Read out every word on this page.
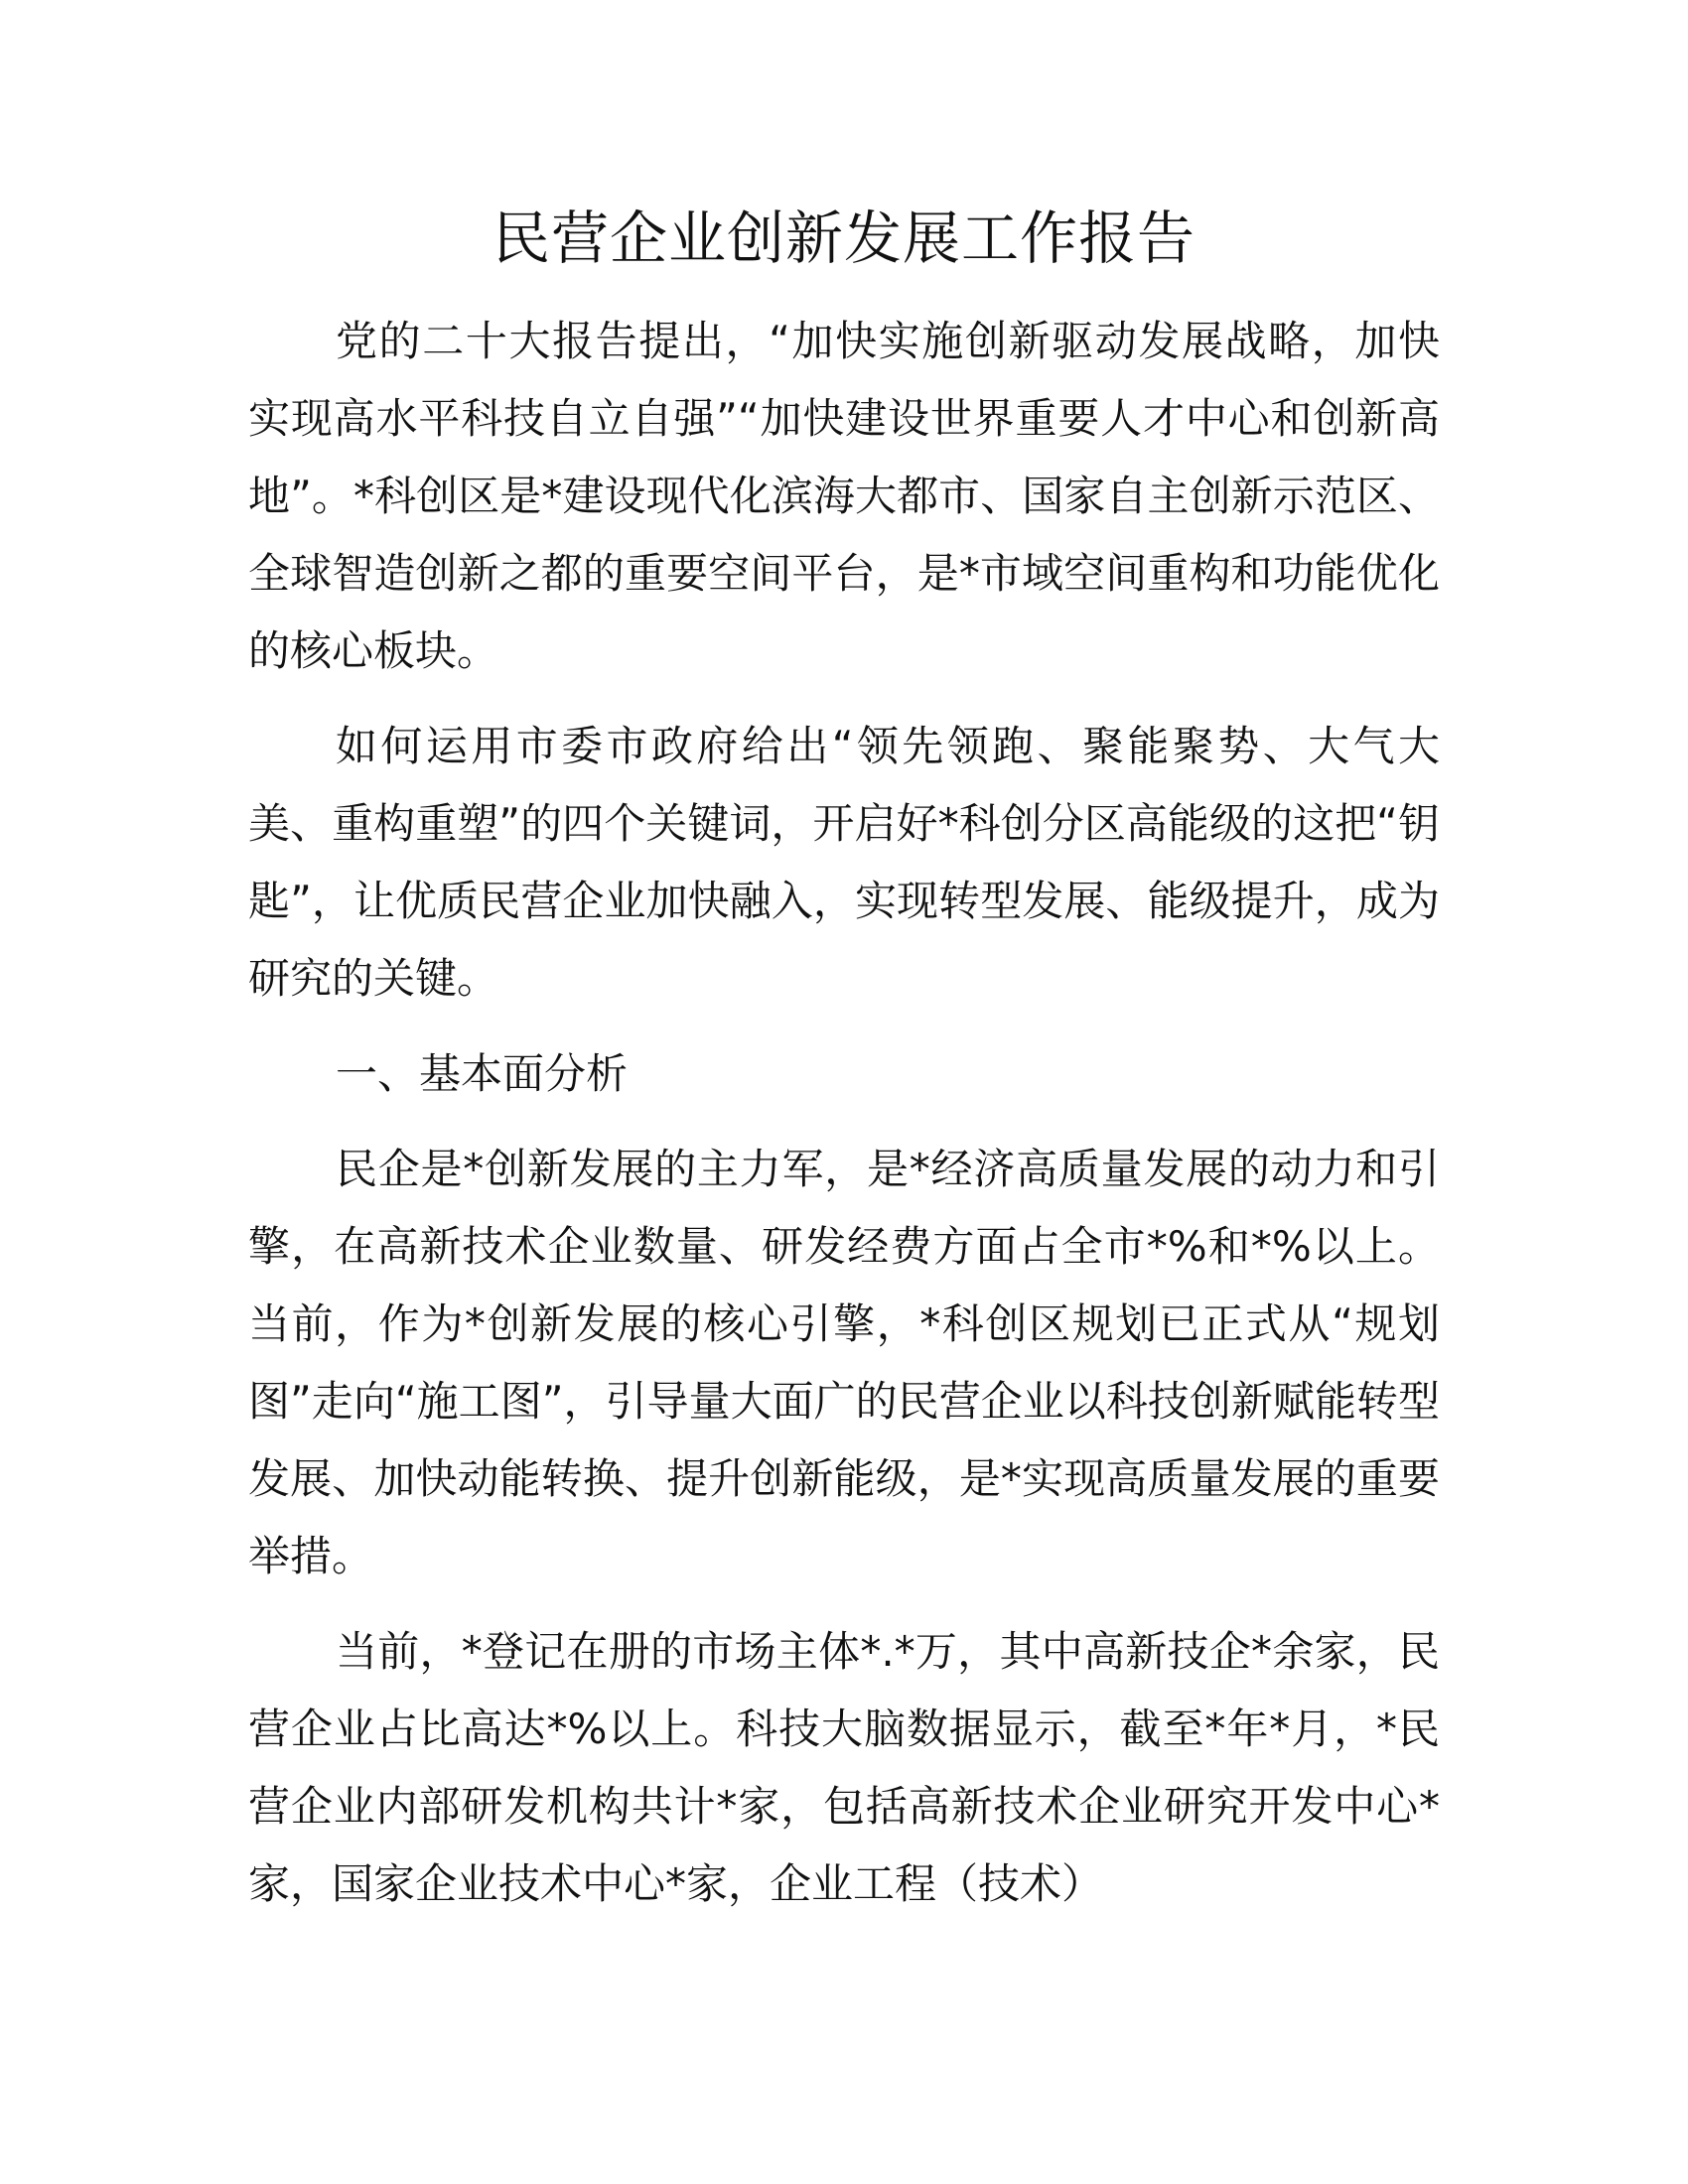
民营企业创新发展工作报告

党的二十大报告提出，“加快实施创新驱动发展战略，加快实现高水平科技自立自强”“加快建设世界重要人才中心和创新高地”。*科创区是*建设现代化滨海大都市、国家自主创新示范区、全球智造创新之都的重要空间平台，是*市域空间重构和功能优化的核心板块。

如何运用市委市政府给出“领先领跑、聚能聚势、大气大美、重构重塑”的四个关键词，开启好*科创分区高能级的这把“钥匙”，让优质民营企业加快融入，实现转型发展、能级提升，成为研究的关键。

一、基本面分析

民企是*创新发展的主力军，是*经济高质量发展的动力和引擎，在高新技术企业数量、研发经费方面占全市*%和*%以上。当前，作为*创新发展的核心引擎，*科创区规划已正式从“规划图”走向“施工图”，引导量大面广的民营企业以科技创新赋能转型发展、加快动能转换、提升创新能级，是*实现高质量发展的重要举措。

当前，*登记在册的市场主体*.*万，其中高新技企*余家，民营企业占比高达*%以上。科技大脑数据显示，截至*年*月，*民营企业内部研发机构共计*家，包括高新技术企业研究开发中心*家，国家企业技术中心*家，企业工程（技术）
